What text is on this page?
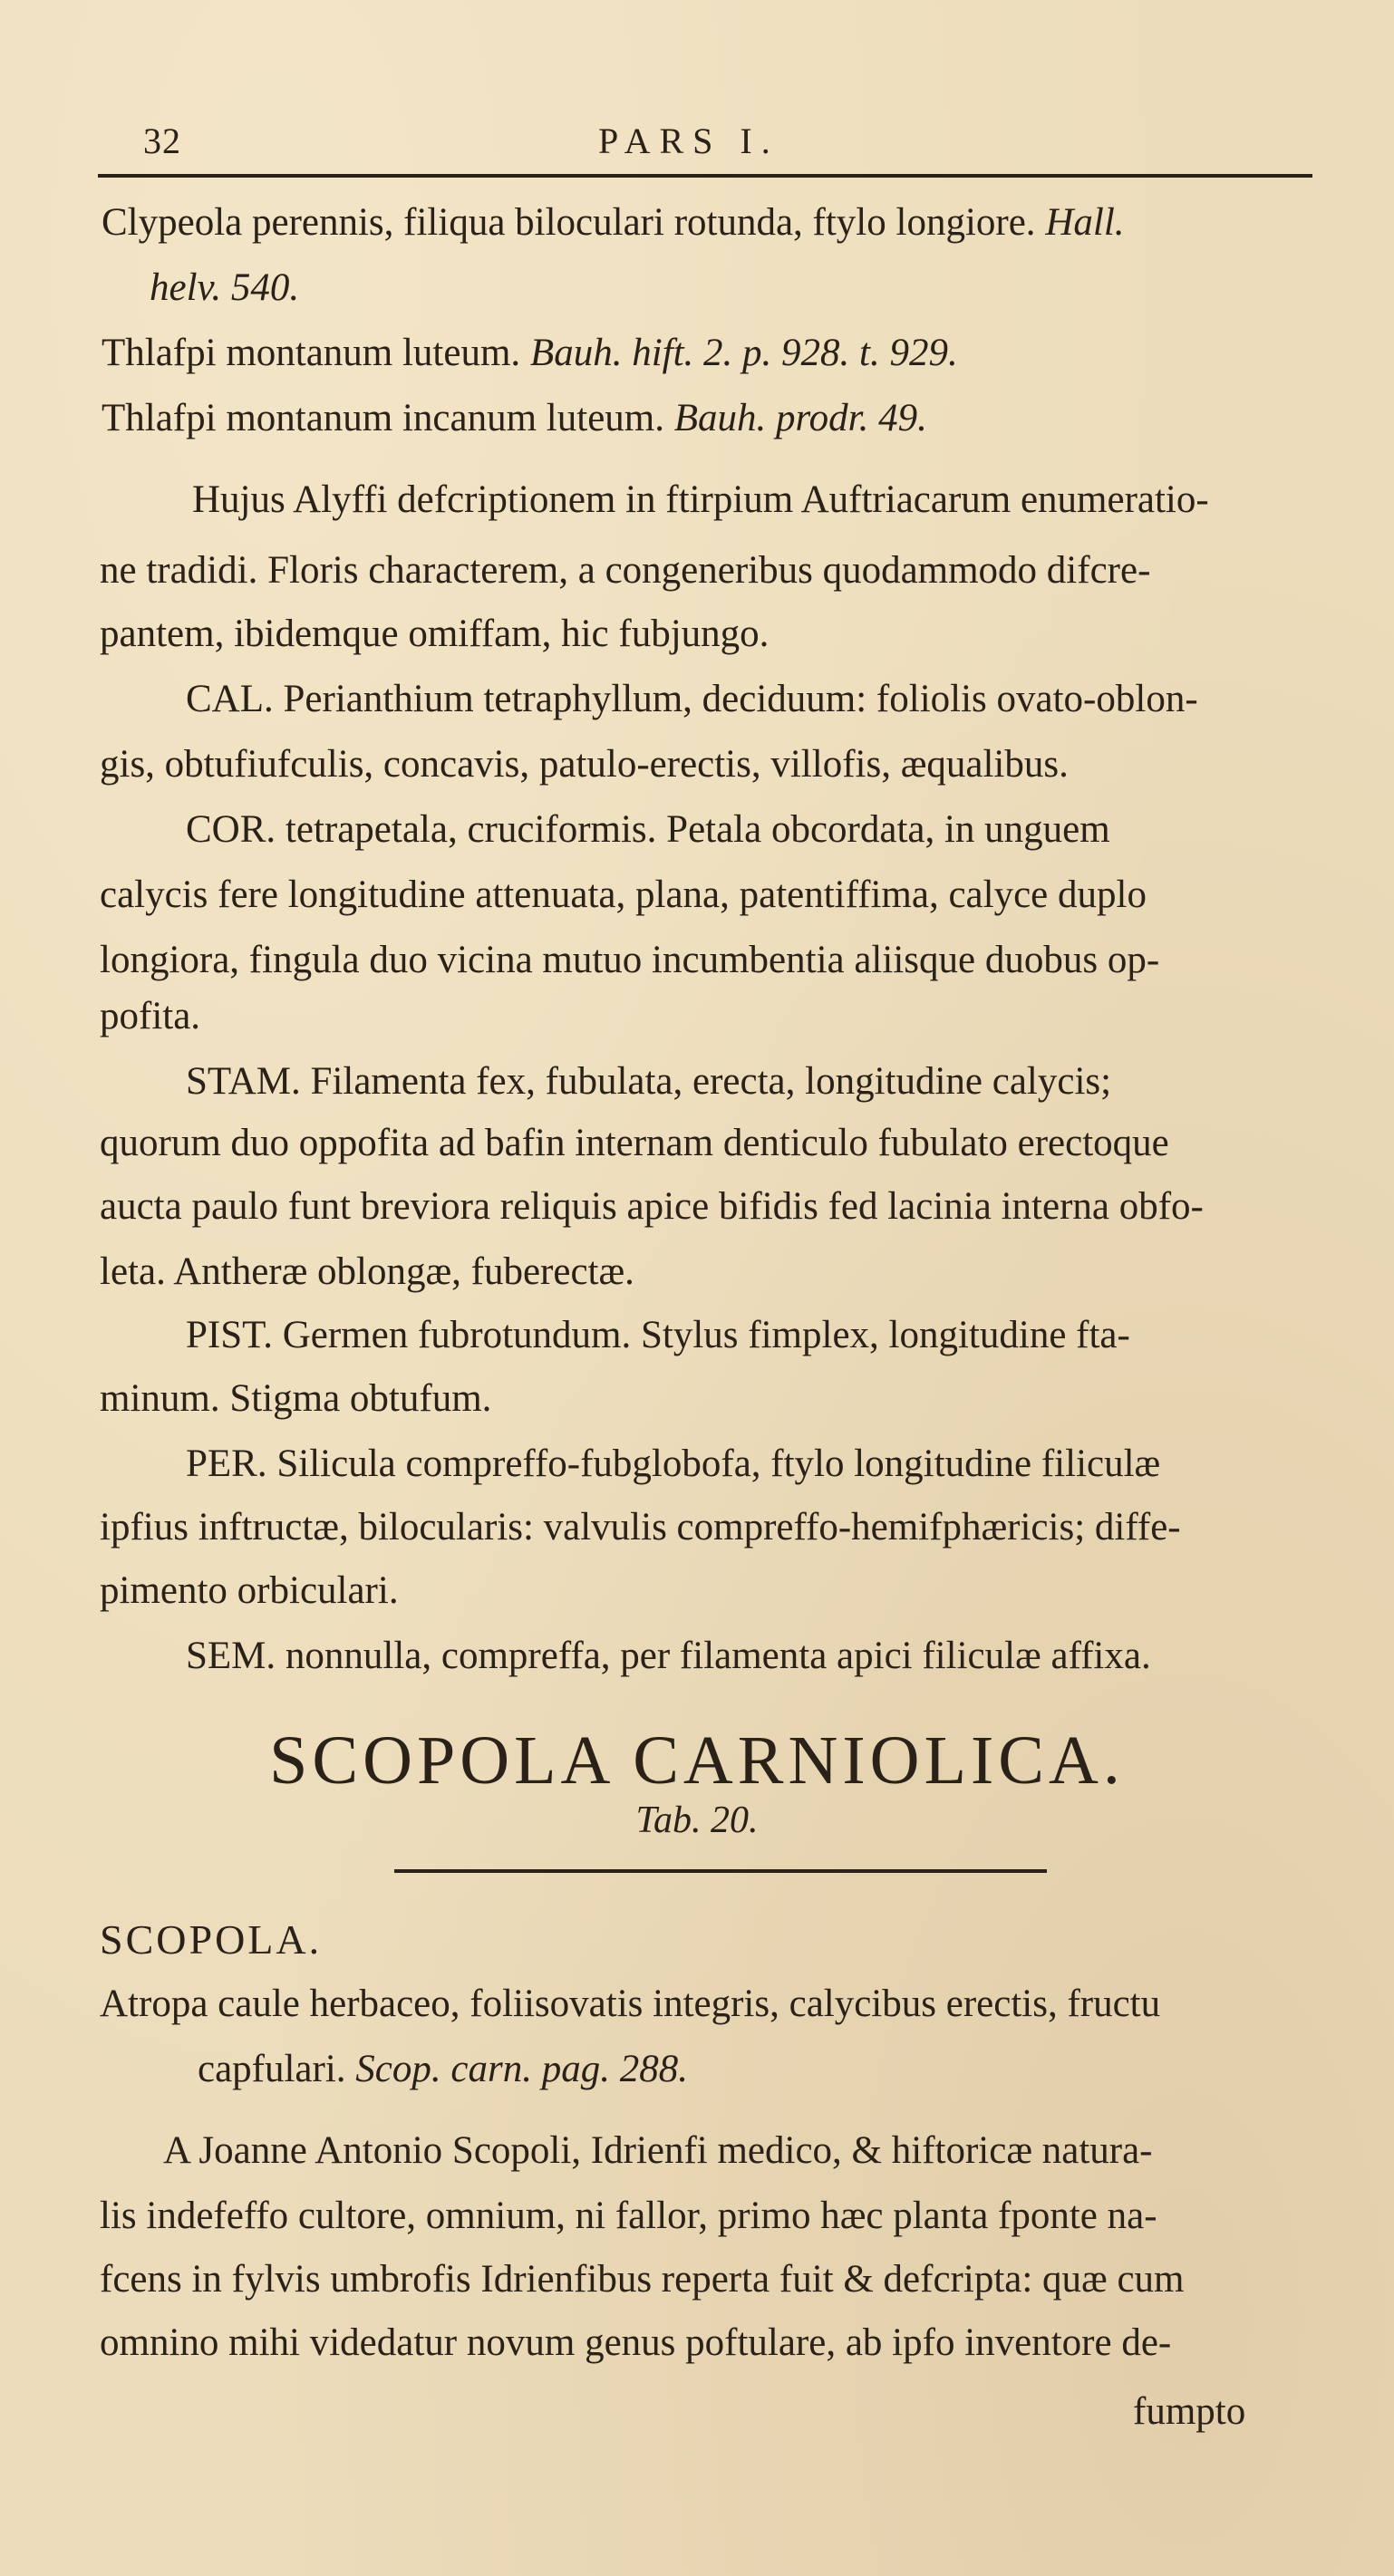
32	PARS I.
Clypeola perennis, filiqua biloculari rotunda, ftylo longiore. Hall.
helv. 540.
Thlafpi montanum luteum. Bauh. hift. 2. p. 928. t. 929.
Thlafpi montanum incanum luteum. Bauh. prodr. 49.
Hujus Alyffi defcriptionem in ftirpium Auftriacarum enumeratio-
ne tradidi. Floris characterem, a congeneribus quodammodo difcre-
pantem, ibidemque omiffam, hic fubjungo.
CAL. Perianthium tetraphyllum, deciduum: foliolis ovato-oblon-
gis, obtufiufculis, concavis, patulo-erectis, villofis, æqualibus.
COR. tetrapetala, cruciformis. Petala obcordata, in unguem
calycis fere longitudine attenuata, plana, patentiffima, calyce duplo
longiora, fingula duo vicina mutuo incumbentia aliisque duobus op-
pofita.
STAM. Filamenta fex, fubulata, erecta, longitudine calycis;
quorum duo oppofita ad bafin internam denticulo fubulato erectoque
aucta paulo funt breviora reliquis apice bifidis fed lacinia interna obfo-
leta. Antheræ oblongæ, fuberectæ.
PIST. Germen fubrotundum. Stylus fimplex, longitudine fta-
minum. Stigma obtufum.
PER. Silicula compreffo-fubglobofa, ftylo longitudine filiculæ
ipfius inftructæ, bilocularis: valvulis compreffo-hemifphæricis; diffe-
pimento orbiculari.
SEM. nonnulla, compreffa, per filamenta apici filiculæ affixa.
SCOPOLA CARNIOLICA.
Tab. 20.
SCOPOLA.
Atropa caule herbaceo, foliisovatis integris, calycibus erectis, fructu
capfulari. Scop. carn. pag. 288.
A Joanne Antonio Scopoli, Idrienfi medico, & hiftoricæ natura-
lis indefeffo cultore, omnium, ni fallor, primo hæc planta fponte na-
fcens in fylvis umbrofis Idrienfibus reperta fuit & defcripta: quæ cum
omnino mihi videdatur novum genus poftulare, ab ipfo inventore de-
fumpto
